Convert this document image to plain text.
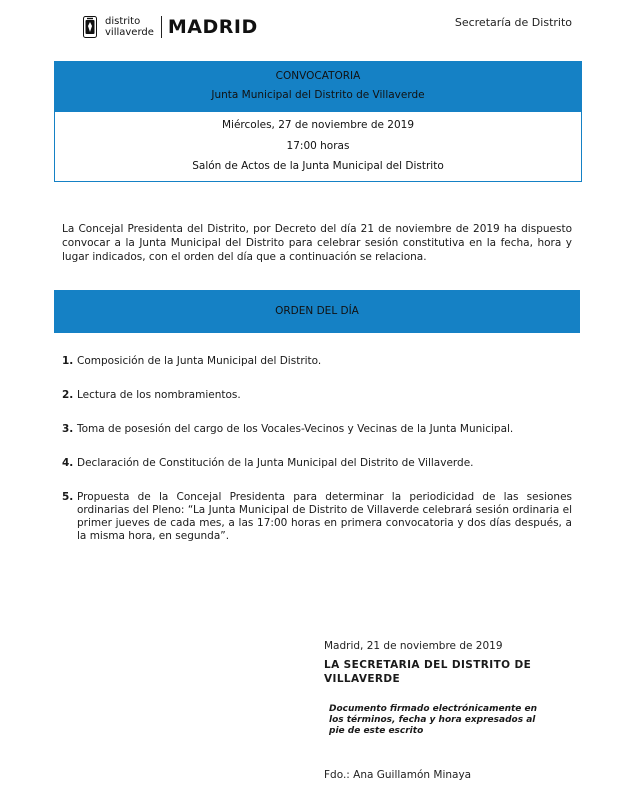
distrito
villaverde MADRID	Secretaría de Distrito
CONVOCATORIA
Junta Municipal del Distrito de Villaverde
Miércoles, 27 de noviembre de 2019
17:00 horas
Salón de Actos de la Junta Municipal del Distrito
La Concejal Presidenta del Distrito, por Decreto del día 21 de noviembre de 2019 ha dispuesto convocar a la Junta Municipal del Distrito para celebrar sesión constitutiva en la fecha, hora y lugar indicados, con el orden del día que a continuación se relaciona.
ORDEN DEL DÍA
1. Composición de la Junta Municipal del Distrito.
2. Lectura de los nombramientos.
3. Toma de posesión del cargo de los Vocales-Vecinos y Vecinas de la Junta Municipal.
4. Declaración de Constitución de la Junta Municipal del Distrito de Villaverde.
5. Propuesta de la Concejal Presidenta para determinar la periodicidad de las sesiones ordinarias del Pleno: “La Junta Municipal de Distrito de Villaverde celebrará sesión ordinaria el primer jueves de cada mes, a las 17:00 horas en primera convocatoria y dos días después, a la misma hora, en segunda”.
Madrid, 21 de noviembre de 2019
LA SECRETARIA DEL DISTRITO DE VILLAVERDE
Documento firmado electrónicamente en los términos, fecha y hora expresados al pie de este escrito
Fdo.: Ana Guillamón Minaya
